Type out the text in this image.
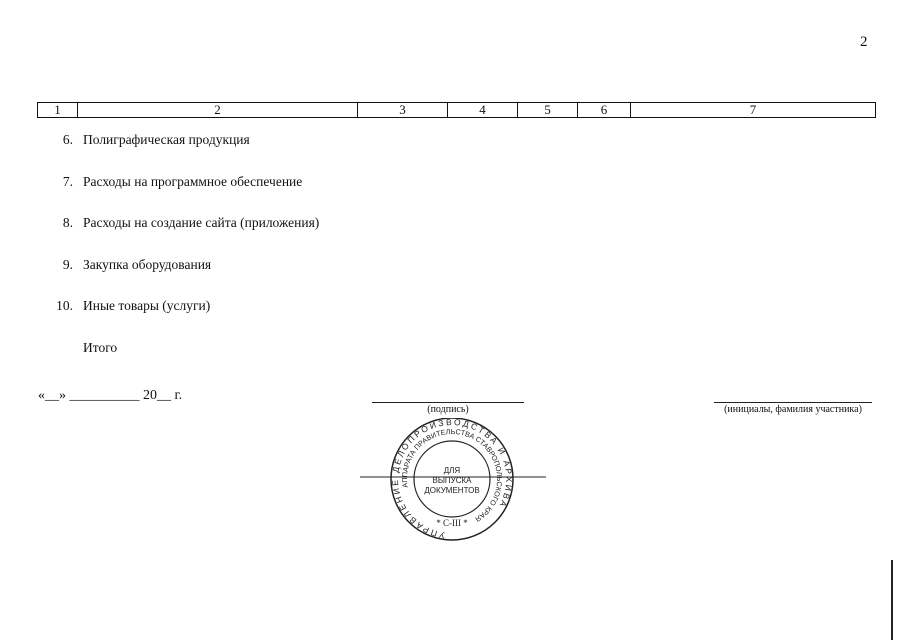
2
1	2	3	4	5	6	7
6. Полиграфическая продукция
7. Расходы на программное обеспечение
8. Расходы на создание сайта (приложения)
9. Закупка оборудования
10. Иные товары (услуги)
Итого
«__» __________ 20__ г.
(подпись)	(инициалы, фамилия участника)
УПРАВЛЕНИЕ ДЕЛОПРОИЗВОДСТВА И АРХИВА
АППАРАТА ПРАВИТЕЛЬСТВА СТАВРОПОЛЬСКОГО КРАЯ
ДЛЯ
ВЫПУСКА
ДОКУМЕНТОВ
* С-III *
